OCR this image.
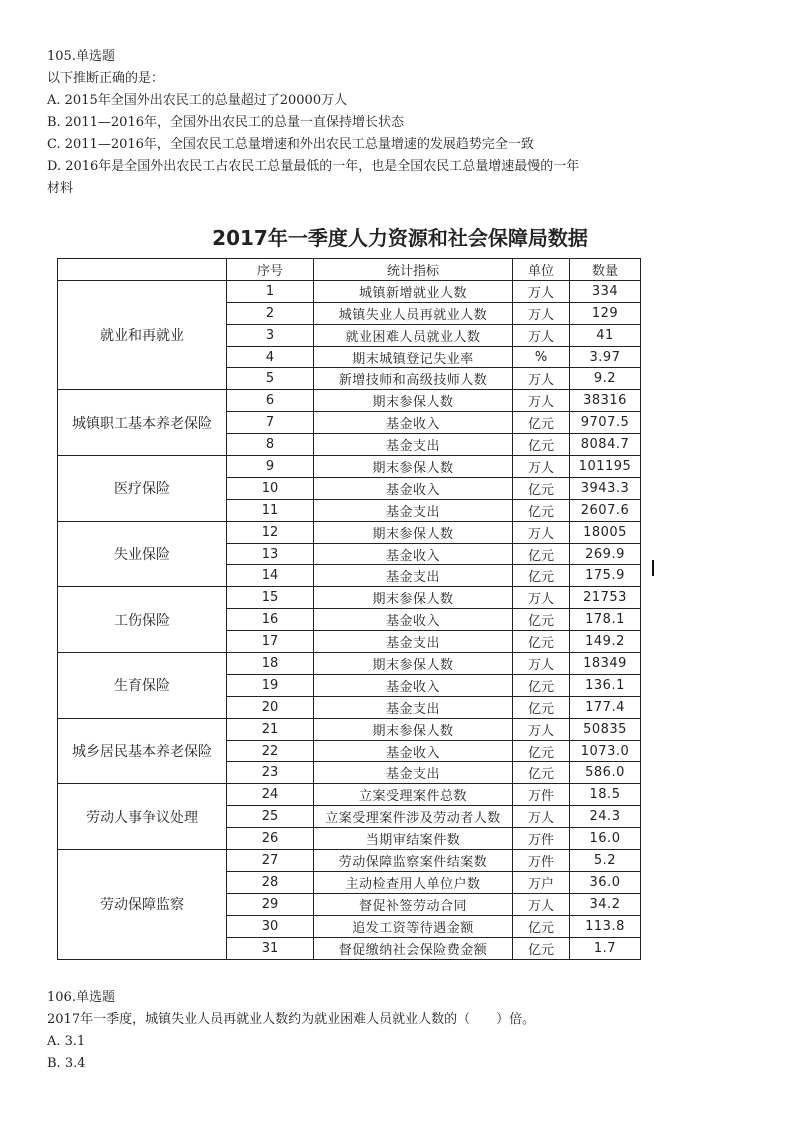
105.单选题
以下推断正确的是：
A. 2015年全国外出农民工的总量超过了20000万人
B. 2011—2016年，全国外出农民工的总量一直保持增长状态
C. 2011—2016年，全国农民工总量增速和外出农民工总量增速的发展趋势完全一致
D. 2016年是全国外出农民工占农民工总量最低的一年，也是全国农民工总量增速最慢的一年
材料
2017年一季度人力资源和社会保障局数据
	序号	统计指标	单位	数量
就业和再就业	1	城镇新增就业人数	万人	334
	2	城镇失业人员再就业人数	万人	129
	3	就业困难人员就业人数	万人	41
	4	期末城镇登记失业率	%	3.97
	5	新增技师和高级技师人数	万人	9.2
城镇职工基本养老保险	6	期末参保人数	万人	38316
	7	基金收入	亿元	9707.5
	8	基金支出	亿元	8084.7
医疗保险	9	期末参保人数	万人	101195
	10	基金收入	亿元	3943.3
	11	基金支出	亿元	2607.6
失业保险	12	期末参保人数	万人	18005
	13	基金收入	亿元	269.9
	14	基金支出	亿元	175.9
工伤保险	15	期末参保人数	万人	21753
	16	基金收入	亿元	178.1
	17	基金支出	亿元	149.2
生育保险	18	期末参保人数	万人	18349
	19	基金收入	亿元	136.1
	20	基金支出	亿元	177.4
城乡居民基本养老保险	21	期末参保人数	万人	50835
	22	基金收入	亿元	1073.0
	23	基金支出	亿元	586.0
劳动人事争议处理	24	立案受理案件总数	万件	18.5
	25	立案受理案件涉及劳动者人数	万人	24.3
	26	当期审结案件数	万件	16.0
劳动保障监察	27	劳动保障监察案件结案数	万件	5.2
	28	主动检查用人单位户数	万户	36.0
	29	督促补签劳动合同	万人	34.2
	30	追发工资等待遇金额	亿元	113.8
	31	督促缴纳社会保险费金额	亿元	1.7
106.单选题
2017年一季度，城镇失业人员再就业人数约为就业困难人员就业人数的（　　）倍。
A. 3.1
B. 3.4
